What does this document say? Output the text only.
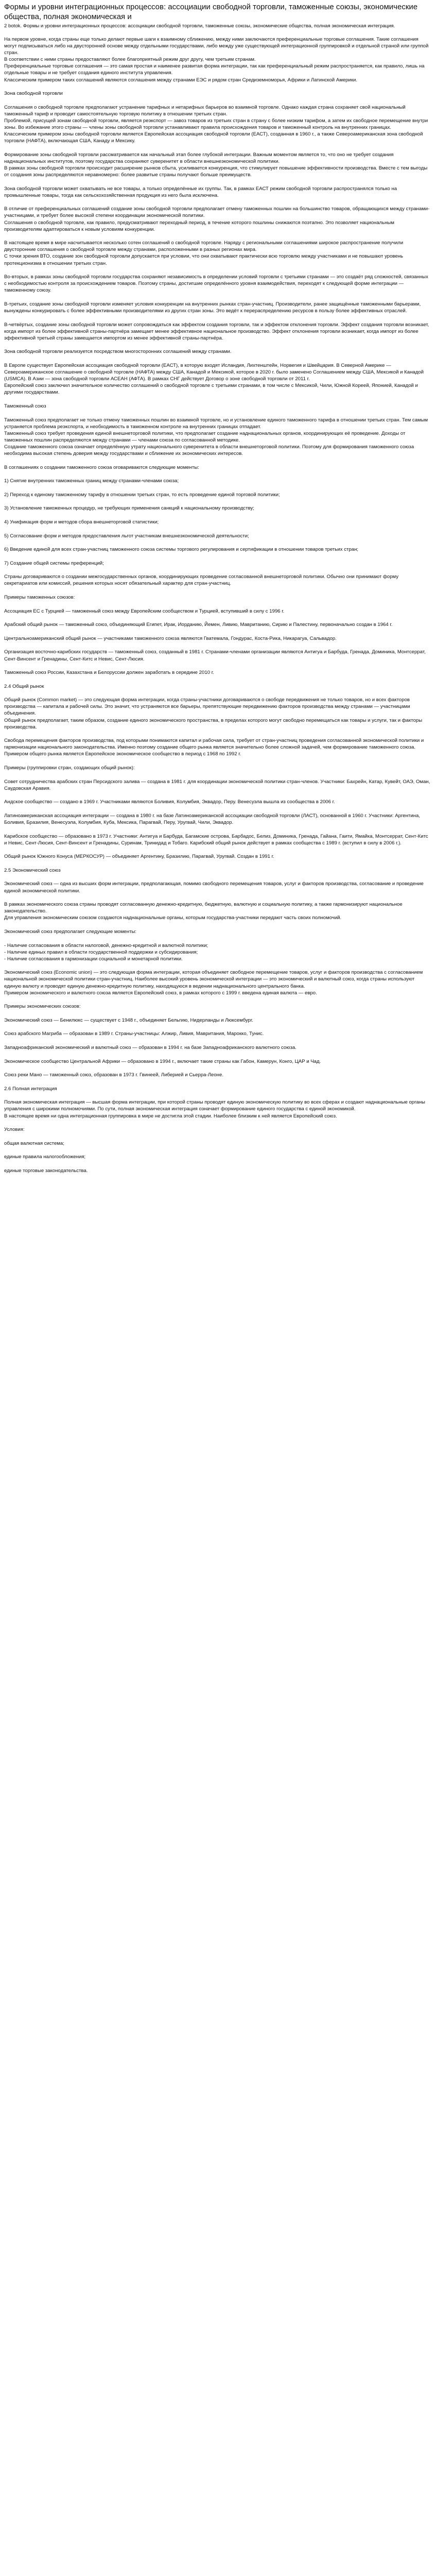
Формы и уровни интеграционных процессов: ассоциации свободной торговли, таможенные союзы, экономические общества, полная экономическая и
2 botok. Формы и уровни интеграционных процессов: ассоциации свободной торговли, таможенные союзы, экономические общества, полная экономическая интеграция.

На первом уровне, когда страны еще только делают первые шаги к взаимному сближению, между ними заключаются преференциальные торговые соглашения. Такие соглашения могут подписываться либо на двусторонней основе между отдельными государствами, либо между уже существующей интеграционной группировкой и отдельной страной или группой стран.
В соответствии с ними страны предоставляют более благоприятный режим друг другу, чем третьим странам.
Преференциальные торговые соглашения — это самая простая и наименее развитая форма интеграции, так как преференциальный режим распространяется, как правило, лишь на отдельные товары и не требует создания единого института управления.
Классическим примером таких соглашений являются соглашения между странами ЕЭС и рядом стран Средиземноморья, Африки и Латинской Америки.

Зона свободной торговли

Соглашения о свободной торговле предполагают устранение тарифных и нетарифных барьеров во взаимной торговле. Однако каждая страна сохраняет свой национальный таможенный тариф и проводит самостоятельную торговую политику в отношении третьих стран.
Проблемой, присущей зонам свободной торговли, является реэкспорт — завоз товаров из третьих стран в страну с более низким тарифом, а затем их свободное перемещение внутри зоны. Во избежание этого страны — члены зоны свободной торговли устанавливают правила происхождения товаров и таможенный контроль на внутренних границах.
Классическим примером зоны свободной торговли является Европейская ассоциация свободной торговли (ЕАСТ), созданная в 1960 г., а также Североамериканская зона свободной торговли (НАФТА), включающая США, Канаду и Мексику.

Формирование зоны свободной торговли рассматривается как начальный этап более глубокой интеграции. Важным моментом является то, что оно не требует создания наднациональных институтов, поэтому государства сохраняют суверенитет в области внешнеэкономической политики.
В рамках зоны свободной торговли происходит расширение рынков сбыта, усиливается конкуренция, что стимулирует повышение эффективности производства. Вместе с тем выгоды от создания зоны распределяются неравномерно: более развитые страны получают больше преимуществ.

Зона свободной торговли может охватывать не все товары, а только определённые их группы. Так, в рамках ЕАСТ режим свободной торговли распространялся только на промышленные товары, тогда как сельскохозяйственная продукция из него была исключена.

В отличие от преференциальных соглашений создание зоны свободной торговли предполагает отмену таможенных пошлин на большинство товаров, обращающихся между странами-участницами, и требует более высокой степени координации экономической политики.
Соглашения о свободной торговле, как правило, предусматривают переходный период, в течение которого пошлины снижаются поэтапно. Это позволяет национальным производителям адаптироваться к новым условиям конкуренции.

В настоящее время в мире насчитывается несколько сотен соглашений о свободной торговле. Наряду с региональными соглашениями широкое распространение получили двусторонние соглашения о свободной торговле между странами, расположенными в разных регионах мира.
С точки зрения ВТО, создание зон свободной торговли допускается при условии, что они охватывают практически всю торговлю между участниками и не повышают уровень протекционизма в отношении третьих стран.

Во-вторых, в рамках зоны свободной торговли государства сохраняют независимость в определении условий торговли с третьими странами — это создаёт ряд сложностей, связанных с необходимостью контроля за происхождением товаров. Поэтому страны, достигшие определённого уровня взаимодействия, переходят к следующей форме интеграции — таможенному союзу.

В-третьих, создание зоны свободной торговли изменяет условия конкуренции на внутренних рынках стран-участниц. Производители, ранее защищённые таможенными барьерами, вынуждены конкурировать с более эффективными производителями из других стран зоны. Это ведёт к перераспределению ресурсов в пользу более эффективных отраслей.

В-четвёртых, создание зоны свободной торговли может сопровождаться как эффектом создания торговли, так и эффектом отклонения торговли. Эффект создания торговли возникает, когда импорт из более эффективной страны-партнёра замещает менее эффективное национальное производство. Эффект отклонения торговли возникает, когда импорт из более эффективной третьей страны замещается импортом из менее эффективной страны-партнёра.

Зона свободной торговли реализуется посредством многосторонних соглашений между странами.

В Европе существует Европейская ассоциация свободной торговли (ЕАСТ), в которую входят Исландия, Лихтенштейн, Норвегия и Швейцария. В Северной Америке — Североамериканское соглашение о свободной торговле (НАФТА) между США, Канадой и Мексикой, которое в 2020 г. было заменено Соглашением между США, Мексикой и Канадой (USMCA). В Азии — зона свободной торговли АСЕАН (АФТА). В рамках СНГ действует Договор о зоне свободной торговли от 2011 г.
Европейский союз заключил значительное количество соглашений о свободной торговле с третьими странами, в том числе с Мексикой, Чили, Южной Кореей, Японией, Канадой и другими государствами.

Таможенный союз

Таможенный союз предполагает не только отмену таможенных пошлин во взаимной торговле, но и установление единого таможенного тарифа в отношении третьих стран. Тем самым устраняется проблема реэкспорта, и необходимость в таможенном контроле на внутренних границах отпадает.
Таможенный союз требует проведения единой внешнеторговой политики, что предполагает создание наднациональных органов, координирующих её проведение. Доходы от таможенных пошлин распределяются между странами — членами союза по согласованной методике.
Создание таможенного союза означает определённую утрату национального суверенитета в области внешнеторговой политики. Поэтому для формирования таможенного союза необходима высокая степень доверия между государствами и сближение их экономических интересов.

В соглашениях о создании таможенного союза оговариваются следующие моменты:

1) Снятие внутренних таможенных границ между странами-членами союза;

2) Переход к единому таможенному тарифу в отношении третьих стран, то есть проведение единой торговой политики;

3) Установление таможенных процедур, не требующих применения санкций к национальному производству;

4) Унификация форм и методов сбора внешнеторговой статистики;

5) Согласование форм и методов предоставления льгот участникам внешнеэкономической деятельности;

6) Введение единой для всех стран-участниц таможенного союза системы торгового регулирования и сертификации в отношении товаров третьих стран;

7) Создание общей системы преференций;

Страны договариваются о создании межгосударственных органов, координирующих проведение согласованной внешнеторговой политики. Обычно они принимают форму секретариатов или комиссий, решения которых носят обязательный характер для стран-участниц.

Примеры таможенных союзов:

Ассоциация ЕС с Турцией — таможенный союз между Европейским сообществом и Турцией, вступивший в силу с 1996 г.

Арабский общий рынок — таможенный союз, объединяющий Египет, Ирак, Иорданию, Йемен, Ливию, Мавританию, Сирию и Палестину, первоначально создан в 1964 г.

Центральноамериканский общий рынок — участниками таможенного союза являются Гватемала, Гондурас, Коста-Рика, Никарагуа, Сальвадор.

Организация восточно-карибских государств — таможенный союз, созданный в 1981 г. Странами-членами организации являются Антигуа и Барбуда, Гренада, Доминика, Монтсеррат, Сент-Винсент и Гренадины, Сент-Китс и Невис, Сент-Люсия.

Таможенный союз России, Казахстана и Белоруссии должен заработать в середине 2010 г.

2.4 Общий рынок

Общий рынок (Common market) — это следующая форма интеграции, когда страны-участники договариваются о свободе передвижения не только товаров, но и всех факторов производства — капитала и рабочей силы. Это значит, что устраняются все барьеры, препятствующие передвижению факторов производства между странами — участницами объединения.
Общий рынок предполагает, таким образом, создание единого экономического пространства, в пределах которого могут свободно перемещаться как товары и услуги, так и факторы производства.

Свобода перемещения факторов производства, под которыми понимаются капитал и рабочая сила, требует от стран-участниц проведения согласованной экономической политики и гармонизации национального законодательства. Именно поэтому создание общего рынка является значительно более сложной задачей, чем формирование таможенного союза.
Примером общего рынка является Европейское экономическое сообщество в период с 1968 по 1992 г.

Примеры (группировки стран, создающих общий рынок):

Совет сотрудничества арабских стран Персидского залива — создана в 1981 г. для координации экономической политики стран-членов. Участники: Бахрейн, Катар, Кувейт, ОАЭ, Оман, Саудовская Аравия.

Андское сообщество — создано в 1969 г. Участниками являются Боливия, Колумбия, Эквадор, Перу. Венесуэла вышла из сообщества в 2006 г.

Латиноамериканская ассоциация интеграции — создана в 1980 г. на базе Латиноамериканской ассоциации свободной торговли (ЛАСТ), основанной в 1960 г. Участники: Аргентина, Боливия, Бразилия, Венесуэла, Колумбия, Куба, Мексика, Парагвай, Перу, Уругвай, Чили, Эквадор.

Карибское сообщество — образовано в 1973 г. Участники: Антигуа и Барбуда, Багамские острова, Барбадос, Белиз, Доминика, Гренада, Гайана, Гаити, Ямайка, Монтсеррат, Сент-Китс и Невис, Сент-Люсия, Сент-Винсент и Гренадины, Суринам, Тринидад и Тобаго. Карибский общий рынок действует в рамках сообщества с 1989 г. (вступил в силу в 2006 г.).

Общий рынок Южного Конуса (МЕРКОСУР) — объединяет Аргентину, Бразилию, Парагвай, Уругвай. Создан в 1991 г.

2.5 Экономический союз

Экономический союз — одна из высших форм интеграции, предполагающая, помимо свободного перемещения товаров, услуг и факторов производства, согласование и проведение единой экономической политики.

В рамках экономического союза страны проводят согласованную денежно-кредитную, бюджетную, валютную и социальную политику, а также гармонизируют национальное законодательство.
Для управления экономическим союзом создаются наднациональные органы, которым государства-участники передают часть своих полномочий.

Экономический союз предполагает следующие моменты:

- Наличие согласования в области налоговой, денежно-кредитной и валютной политики;
- Наличие единых правил в области государственной поддержки и субсидирования;
- Наличие согласования в гармонизации социальной и монетарной политики.

Экономический союз (Economic union) — это следующая форма интеграции, которая объединяет свободное перемещение товаров, услуг и факторов производства с согласованием национальной экономической политики стран-участниц. Наиболее высокий уровень экономической интеграции — это экономический и валютный союз, когда страны используют единую валюту и проводят единую денежно-кредитную политику, находящуюся в ведении наднационального центрального банка.
Примером экономического и валютного союза является Европейский союз, в рамках которого с 1999 г. введена единая валюта — евро.

Примеры экономических союзов:

Экономический союз — Бенилюкс — существует с 1948 г., объединяет Бельгию, Нидерланды и Люксембург.

Союз арабского Магриба — образован в 1989 г. Страны-участницы: Алжир, Ливия, Мавритания, Марокко, Тунис.

Западноафриканский экономический и валютный союз — образован в 1994 г. на базе Западноафриканского валютного союза.

Экономическое сообщество Центральной Африки — образовано в 1994 г., включает такие страны как Габон, Камерун, Конго, ЦАР и Чад.

Союз реки Мано — таможенный союз, образован в 1973 г. Гвинеей, Либерией и Сьерра-Леоне.

2.6 Полная интеграция

Полная экономическая интеграция — высшая форма интеграции, при которой страны проводят единую экономическую политику во всех сферах и создают наднациональные органы управления с широкими полномочиями. По сути, полная экономическая интеграция означает формирование единого государства с единой экономикой.
В настоящее время ни одна интеграционная группировка в мире не достигла этой стадии. Наиболее близким к ней является Европейский союз.

Условия:

общая валютная система;

единые правила налогообложения;

единые торговые законодательства.
